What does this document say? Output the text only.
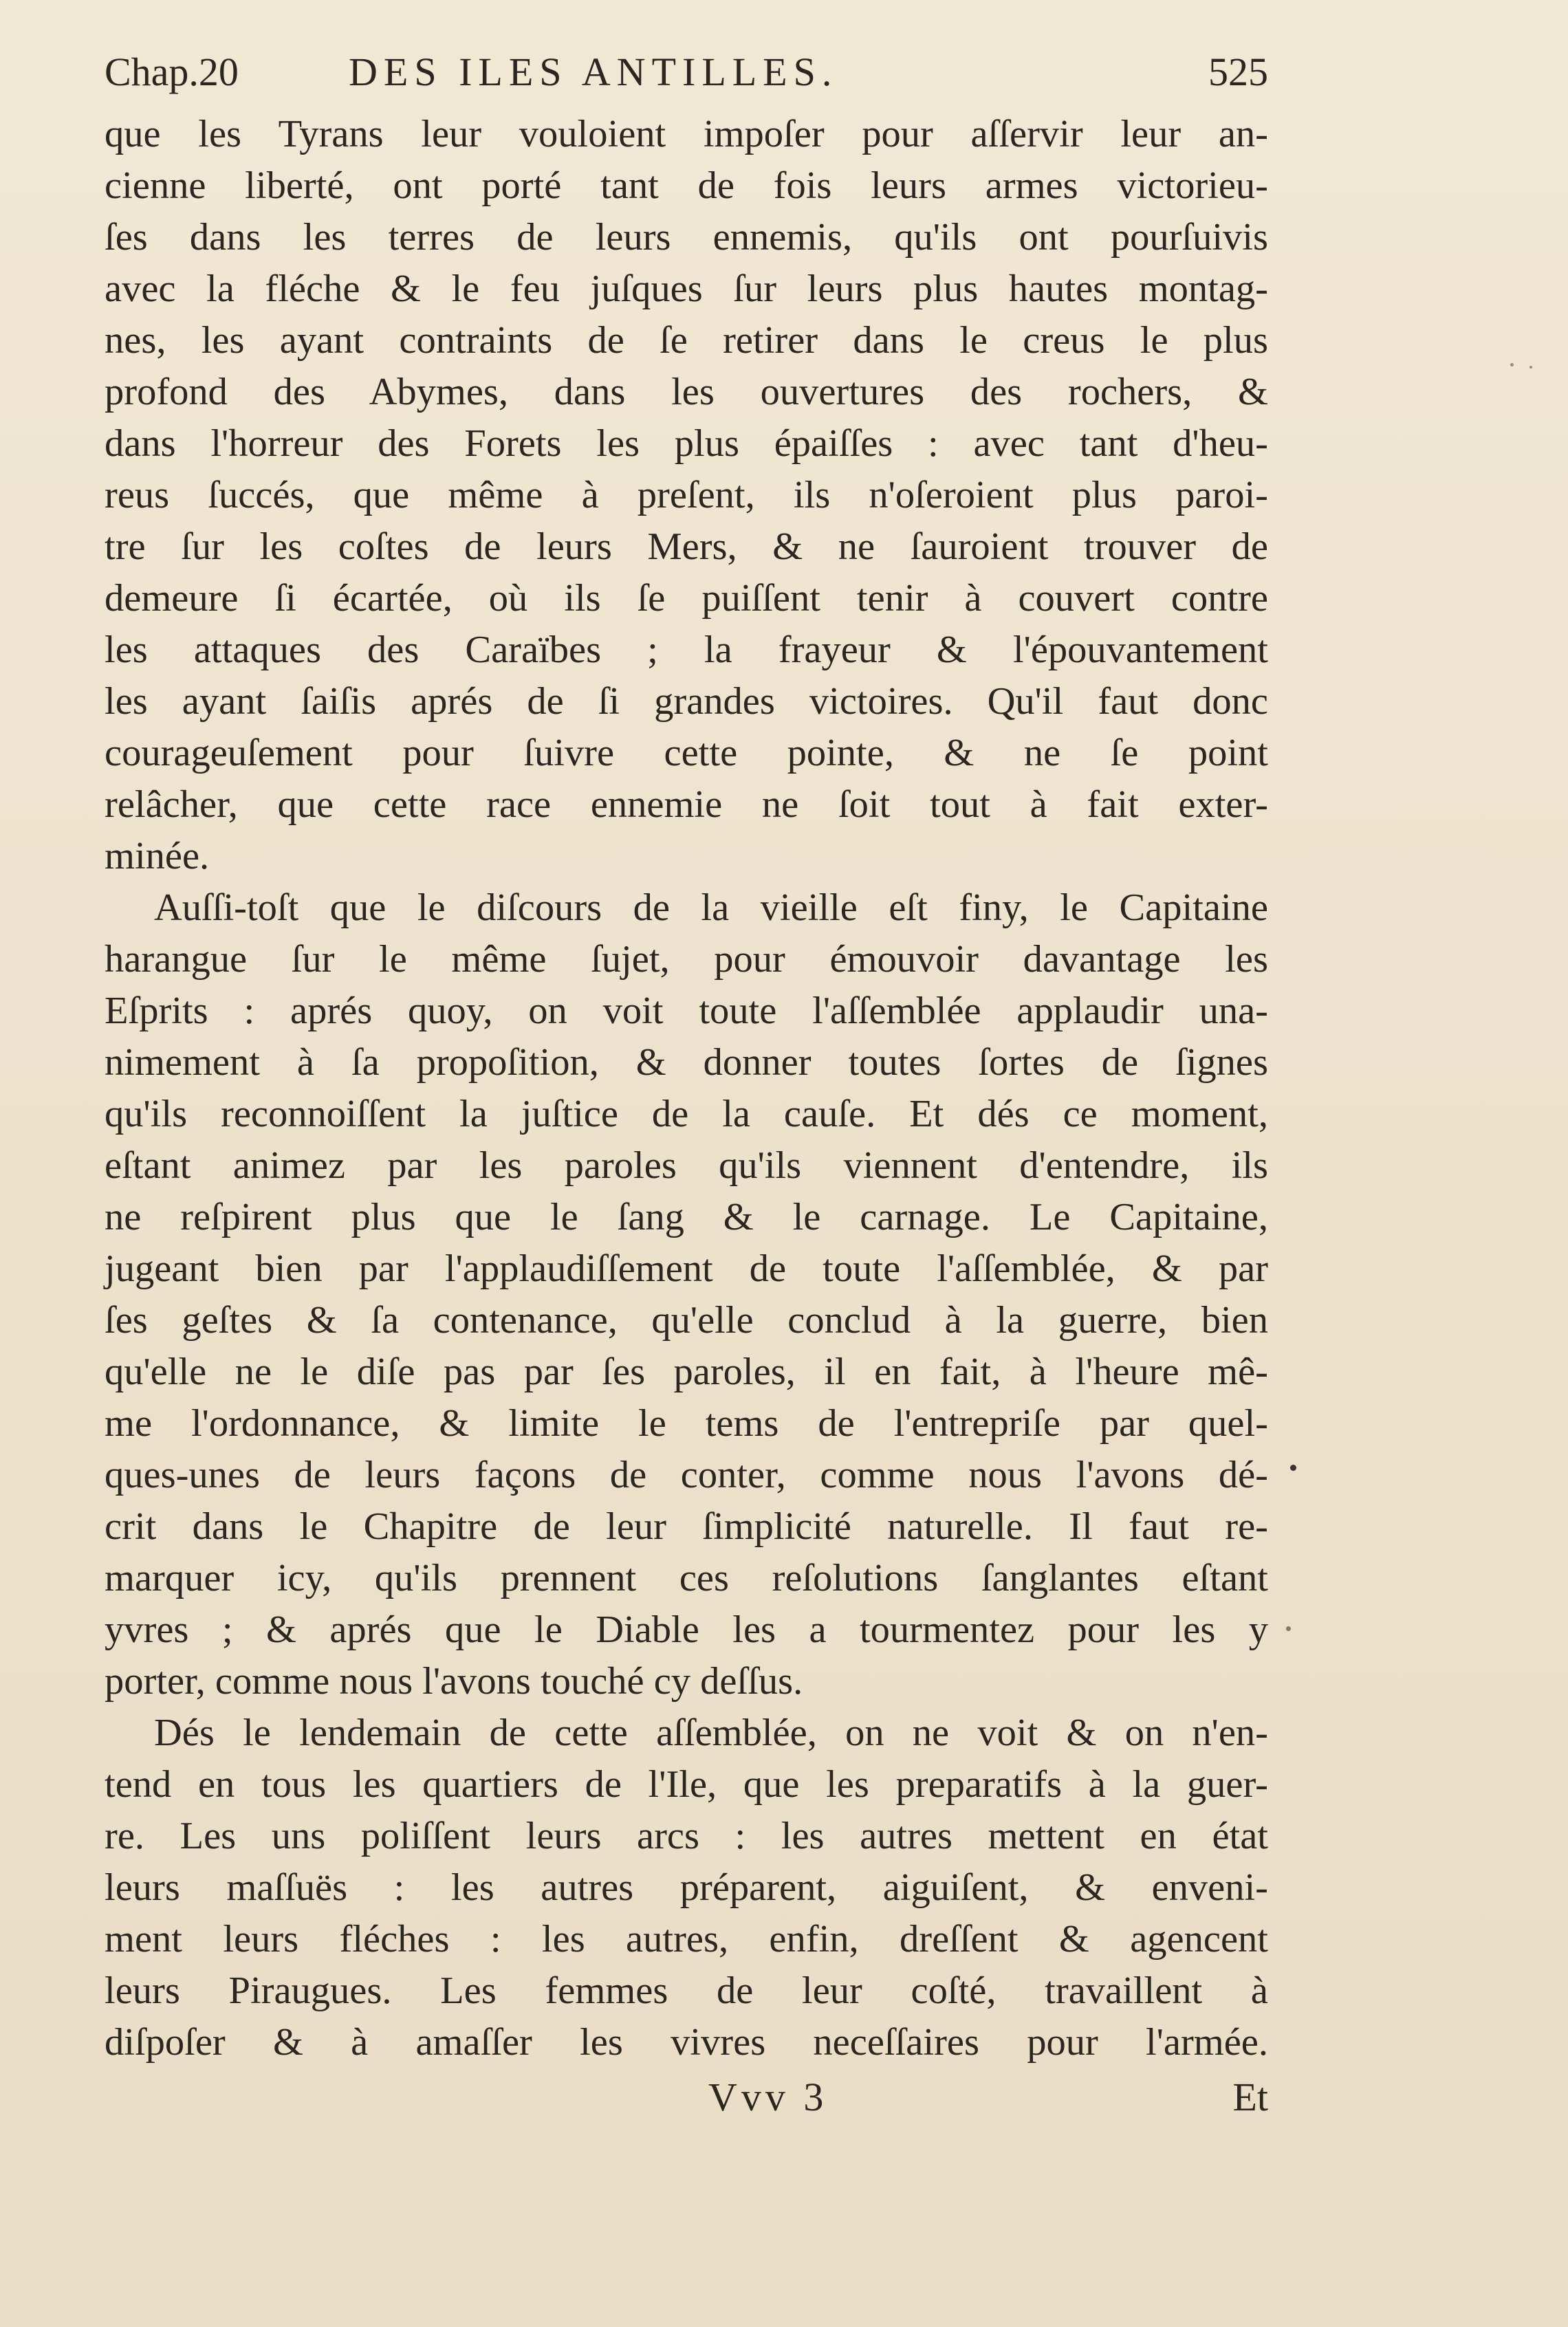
Chap.20	DES ILES ANTILLES.	525
que les Tyrans leur vouloient impoſer pour aſſervir leur an-
cienne liberté, ont porté tant de fois leurs armes victorieu-
ſes dans les terres de leurs ennemis, qu'ils ont pourſuivis
avec la fléche & le feu juſques ſur leurs plus hautes montag-
nes, les ayant contraints de ſe retirer dans le creus le plus
profond des Abymes, dans les ouvertures des rochers, &
dans l'horreur des Forets les plus épaiſſes : avec tant d'heu-
reus ſuccés, que même à preſent, ils n'oſeroient plus paroi-
tre ſur les coſtes de leurs Mers, & ne ſauroient trouver de
demeure ſi écartée, où ils ſe puiſſent tenir à couvert contre
les attaques des Caraïbes ; la frayeur & l'épouvantement
les ayant ſaiſis aprés de ſi grandes victoires. Qu'il faut donc
courageuſement pour ſuivre cette pointe, & ne ſe point
relâcher, que cette race ennemie ne ſoit tout à fait exter-
minée.
Auſſi-toſt que le diſcours de la vieille eſt finy, le Capitaine
harangue ſur le même ſujet, pour émouvoir davantage les
Eſprits : aprés quoy, on voit toute l'aſſemblée applaudir una-
nimement à ſa propoſition, & donner toutes ſortes de ſignes
qu'ils reconnoiſſent la juſtice de la cauſe. Et dés ce moment,
eſtant animez par les paroles qu'ils viennent d'entendre, ils
ne reſpirent plus que le ſang & le carnage. Le Capitaine,
jugeant bien par l'applaudiſſement de toute l'aſſemblée, & par
ſes geſtes & ſa contenance, qu'elle conclud à la guerre, bien
qu'elle ne le diſe pas par ſes paroles, il en fait, à l'heure mê-
me l'ordonnance, & limite le tems de l'entrepriſe par quel-
ques-unes de leurs façons de conter, comme nous l'avons dé-
crit dans le Chapitre de leur ſimplicité naturelle. Il faut re-
marquer icy, qu'ils prennent ces reſolutions ſanglantes eſtant
yvres ; & aprés que le Diable les a tourmentez pour les y
porter, comme nous l'avons touché cy deſſus.
Dés le lendemain de cette aſſemblée, on ne voit & on n'en-
tend en tous les quartiers de l'Ile, que les preparatifs à la guer-
re. Les uns poliſſent leurs arcs : les autres mettent en état
leurs maſſuës : les autres préparent, aiguiſent, & enveni-
ment leurs fléches : les autres, enfin, dreſſent & agencent
leurs Piraugues. Les femmes de leur coſté, travaillent à
diſpoſer & à amaſſer les vivres neceſſaires pour l'armée.
Vvv 3	Et
